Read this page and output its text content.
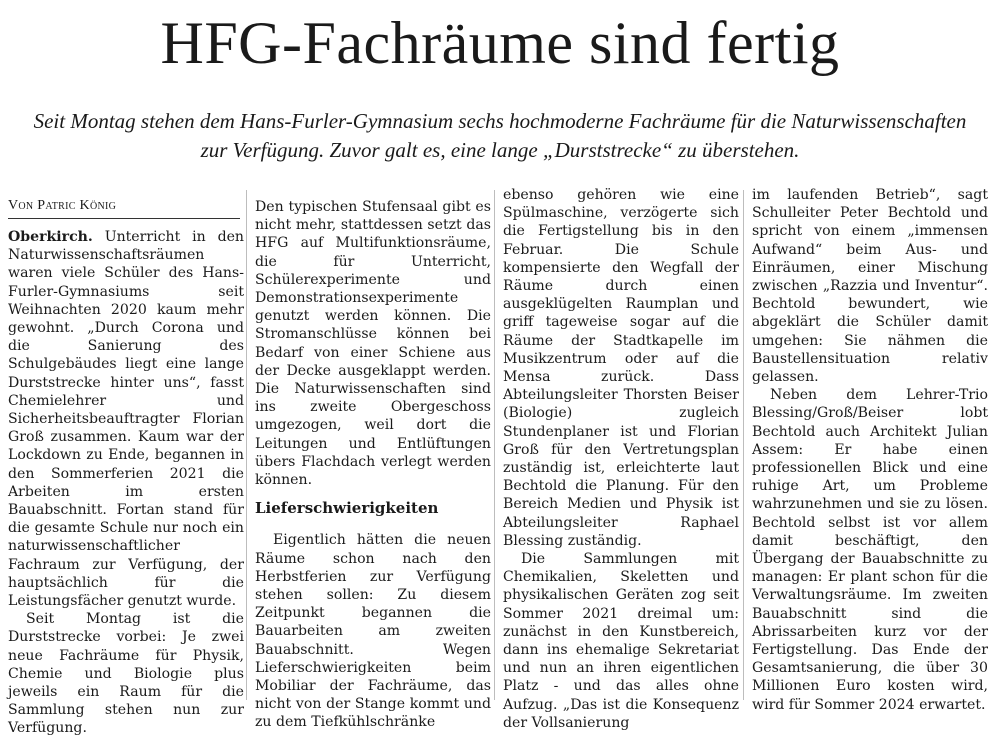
HFG-Fachräume sind fertig

Seit Montag stehen dem Hans-Furler-Gymnasium sechs hochmoderne Fachräume für die Naturwissenschaften zur Verfügung. Zuvor galt es, eine lange „Durststrecke“ zu überstehen.

Von Patric König

Oberkirch. Unterricht in den Naturwissenschaftsräumen waren viele Schüler des Hans-Furler-Gymnasiums seit Weihnachten 2020 kaum mehr gewohnt. „Durch Corona und die Sanierung des Schulgebäudes liegt eine lange Durststrecke hinter uns“, fasst Chemielehrer und Sicherheitsbeauftragter Florian Groß zusammen. Kaum war der Lockdown zu Ende, begannen in den Sommerferien 2021 die Arbeiten im ersten Bauabschnitt. Fortan stand für die gesamte Schule nur noch ein naturwissenschaftlicher Fachraum zur Verfügung, der hauptsächlich für die Leistungsfächer genutzt wurde.

Seit Montag ist die Durststrecke vorbei: Je zwei neue Fachräume für Physik, Chemie und Biologie plus jeweils ein Raum für die Sammlung stehen nun zur Verfügung.

Den typischen Stufensaal gibt es nicht mehr, stattdessen setzt das HFG auf Multifunktionsräume, die für Unterricht, Schülerexperimente und Demonstrationsexperimente genutzt werden können. Die Stromanschlüsse können bei Bedarf von einer Schiene aus der Decke ausgeklappt werden. Die Naturwissenschaften sind ins zweite Obergeschoss umgezogen, weil dort die Leitungen und Entlüftungen übers Flachdach verlegt werden können.

Lieferschwierigkeiten

Eigentlich hätten die neuen Räume schon nach den Herbstferien zur Verfügung stehen sollen: Zu diesem Zeitpunkt begannen die Bauarbeiten am zweiten Bauabschnitt. Wegen Lieferschwierigkeiten beim Mobiliar der Fachräume, das nicht von der Stange kommt und zu dem Tiefkühlschränke

ebenso gehören wie eine Spülmaschine, verzögerte sich die Fertigstellung bis in den Februar. Die Schule kompensierte den Wegfall der Räume durch einen ausgeklügelten Raumplan und griff tageweise sogar auf die Räume der Stadtkapelle im Musikzentrum oder auf die Mensa zurück. Dass Abteilungsleiter Thorsten Beiser (Biologie) zugleich Stundenplaner ist und Florian Groß für den Vertretungsplan zuständig ist, erleichterte laut Bechtold die Planung. Für den Bereich Medien und Physik ist Abteilungsleiter Raphael Blessing zuständig.

Die Sammlungen mit Chemikalien, Skeletten und physikalischen Geräten zog seit Sommer 2021 dreimal um: zunächst in den Kunstbereich, dann ins ehemalige Sekretariat und nun an ihren eigentlichen Platz - und das alles ohne Aufzug. „Das ist die Konsequenz der Vollsanierung

im laufenden Betrieb“, sagt Schulleiter Peter Bechtold und spricht von einem „immensen Aufwand“ beim Aus- und Einräumen, einer Mischung zwischen „Razzia und Inventur“. Bechtold bewundert, wie abgeklärt die Schüler damit umgehen: Sie nähmen die Baustellensituation relativ gelassen.

Neben dem Lehrer-Trio Blessing/Groß/Beiser lobt Bechtold auch Architekt Julian Assem: Er habe einen professionellen Blick und eine ruhige Art, um Probleme wahrzunehmen und sie zu lösen. Bechtold selbst ist vor allem damit beschäftigt, den Übergang der Bauabschnitte zu managen: Er plant schon für die Verwaltungsräume. Im zweiten Bauabschnitt sind die Abrissarbeiten kurz vor der Fertigstellung. Das Ende der Gesamtsanierung, die über 30 Millionen Euro kosten wird, wird für Sommer 2024 erwartet.
